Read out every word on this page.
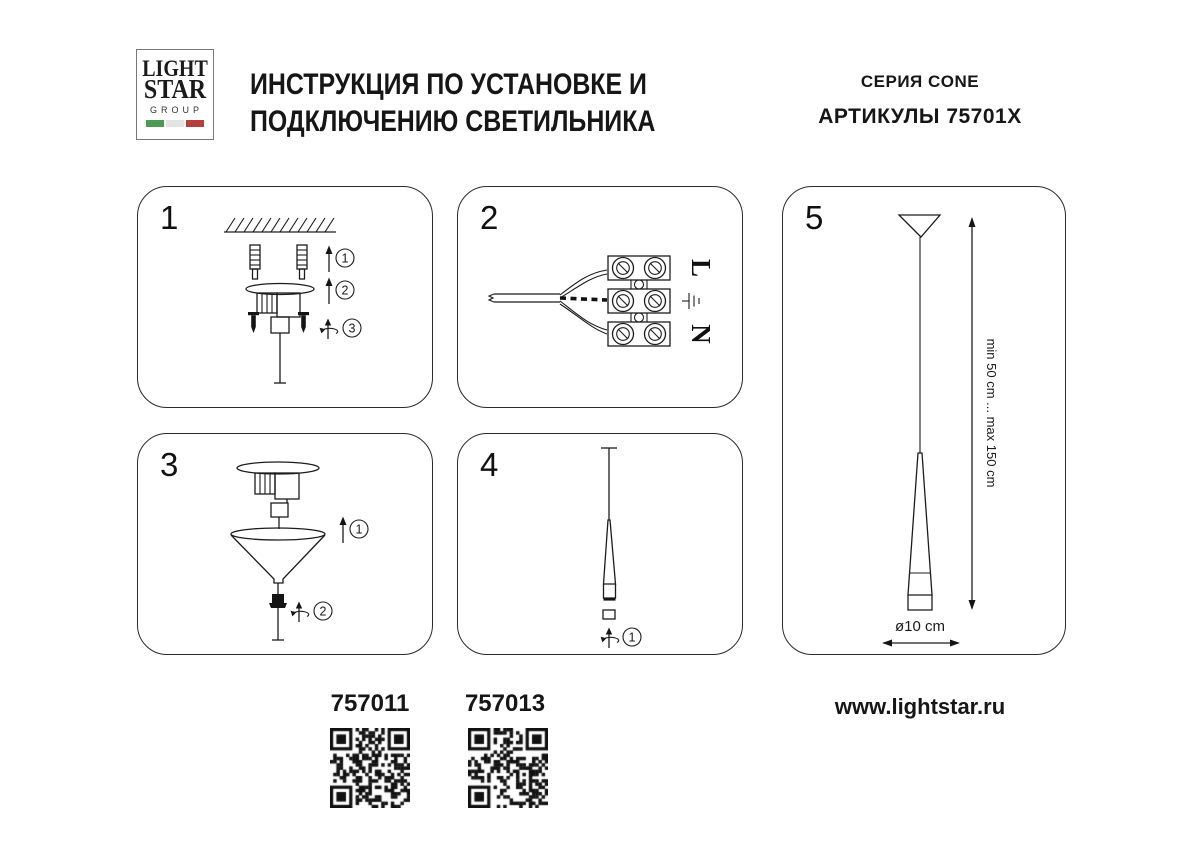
LIGHT
STAR
GROUP
ИНСТРУКЦИЯ ПО УСТАНОВКЕ И
ПОДКЛЮЧЕНИЮ СВЕТИЛЬНИКА
СЕРИЯ CONE
АРТИКУЛЫ 75701X
1
1
2
3
2
L
N
3
1
2
4
1
5
min 50 cm ... max 150 cm
ø10 cm
757011	757013	www.lightstar.ru
